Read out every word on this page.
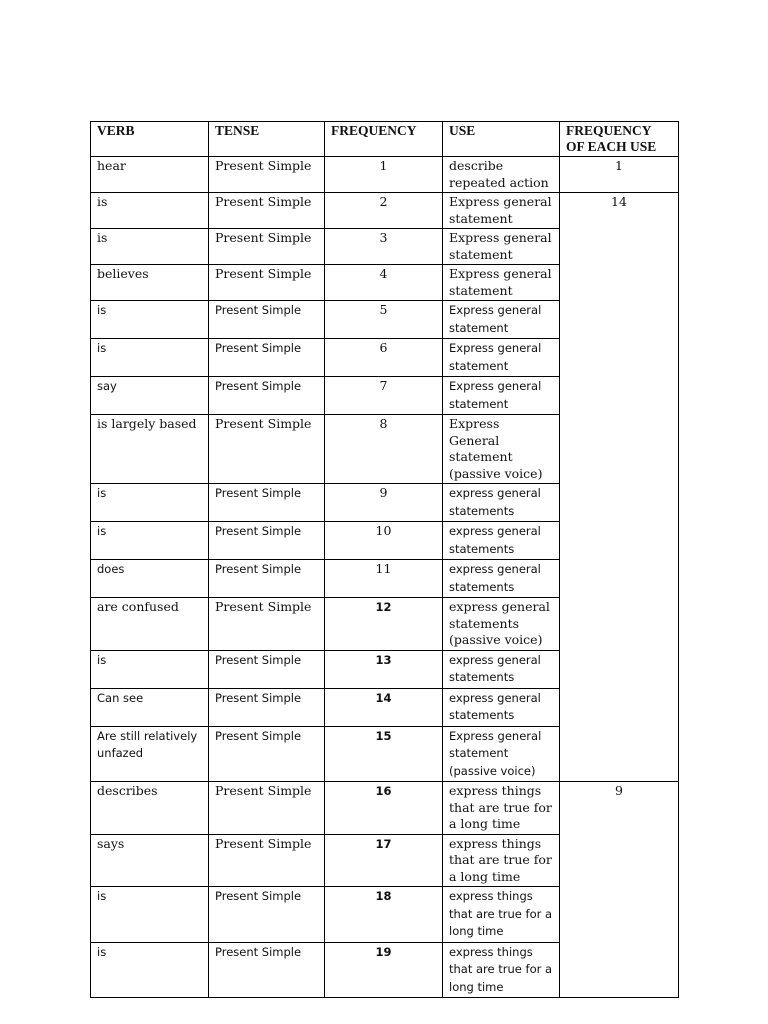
VERB	TENSE	FREQUENCY	USE	FREQUENCY OF EACH USE
hear	Present Simple	1	describe repeated action	1
is	Present Simple	2	Express general statement	14
is	Present Simple	3	Express general statement	
believes	Present Simple	4	Express general statement	
is	Present Simple	5	Express general statement	
is	Present Simple	6	Express general statement	
say	Present Simple	7	Express general statement	
is largely based	Present Simple	8	Express General statement (passive voice)	
is	Present Simple	9	express general statements	
is	Present Simple	10	express general statements	
does	Present Simple	11	express general statements	
are confused	Present Simple	12	express general statements (passive voice)	
is	Present Simple	13	express general statements	
Can see	Present Simple	14	express general statements	
Are still relatively unfazed	Present Simple	15	Express general statement (passive voice)	
describes	Present Simple	16	express things that are true for a long time	9
says	Present Simple	17	express things that are true for a long time	
is	Present Simple	18	express things that are true for a long time	
is	Present Simple	19	express things that are true for a long time	
